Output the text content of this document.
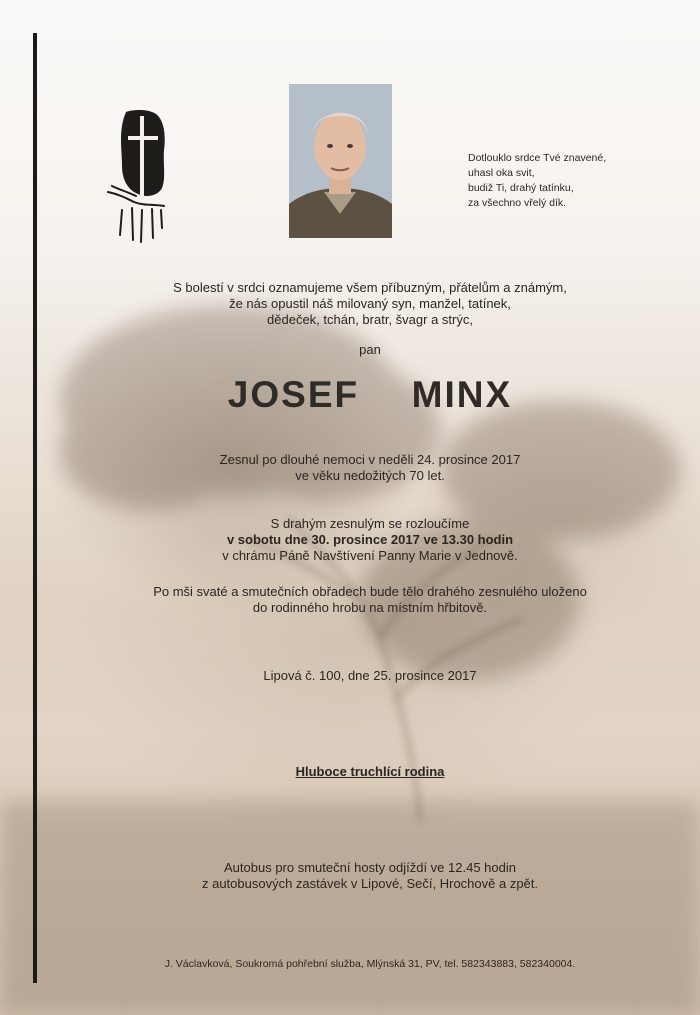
Dotlouklo srdce Tvé znavené,
uhasl oka svit,
budiž Ti, drahý tatínku,
za všechno vřelý dík.
S bolestí v srdci oznamujeme všem příbuzným, přátelům a známým,
že nás opustil náš milovaný syn, manžel, tatínek,
dědeček, tchán, bratr, švagr a strýc,
pan
JOSEF  MINX
Zesnul po dlouhé nemoci v neděli 24. prosince 2017
ve věku nedožitých 70 let.
S drahým zesnulým se rozloučíme
v sobotu dne 30. prosince 2017 ve 13.30 hodin
v chrámu Páně Navštívení Panny Marie v Jednově.
Po mši svaté a smutečních obřadech bude tělo drahého zesnulého uloženo
do rodinného hrobu na místním hřbitově.
Lipová č. 100, dne 25. prosince 2017
Hluboce truchlící rodina
Autobus pro smuteční hosty odjíždí ve 12.45 hodin
z autobusových zastávek v Lipové, Sečí, Hrochově a zpět.
J. Václavková, Soukromá pohřební služba, Mlýnská 31, PV, tel. 582343883, 582340004.
